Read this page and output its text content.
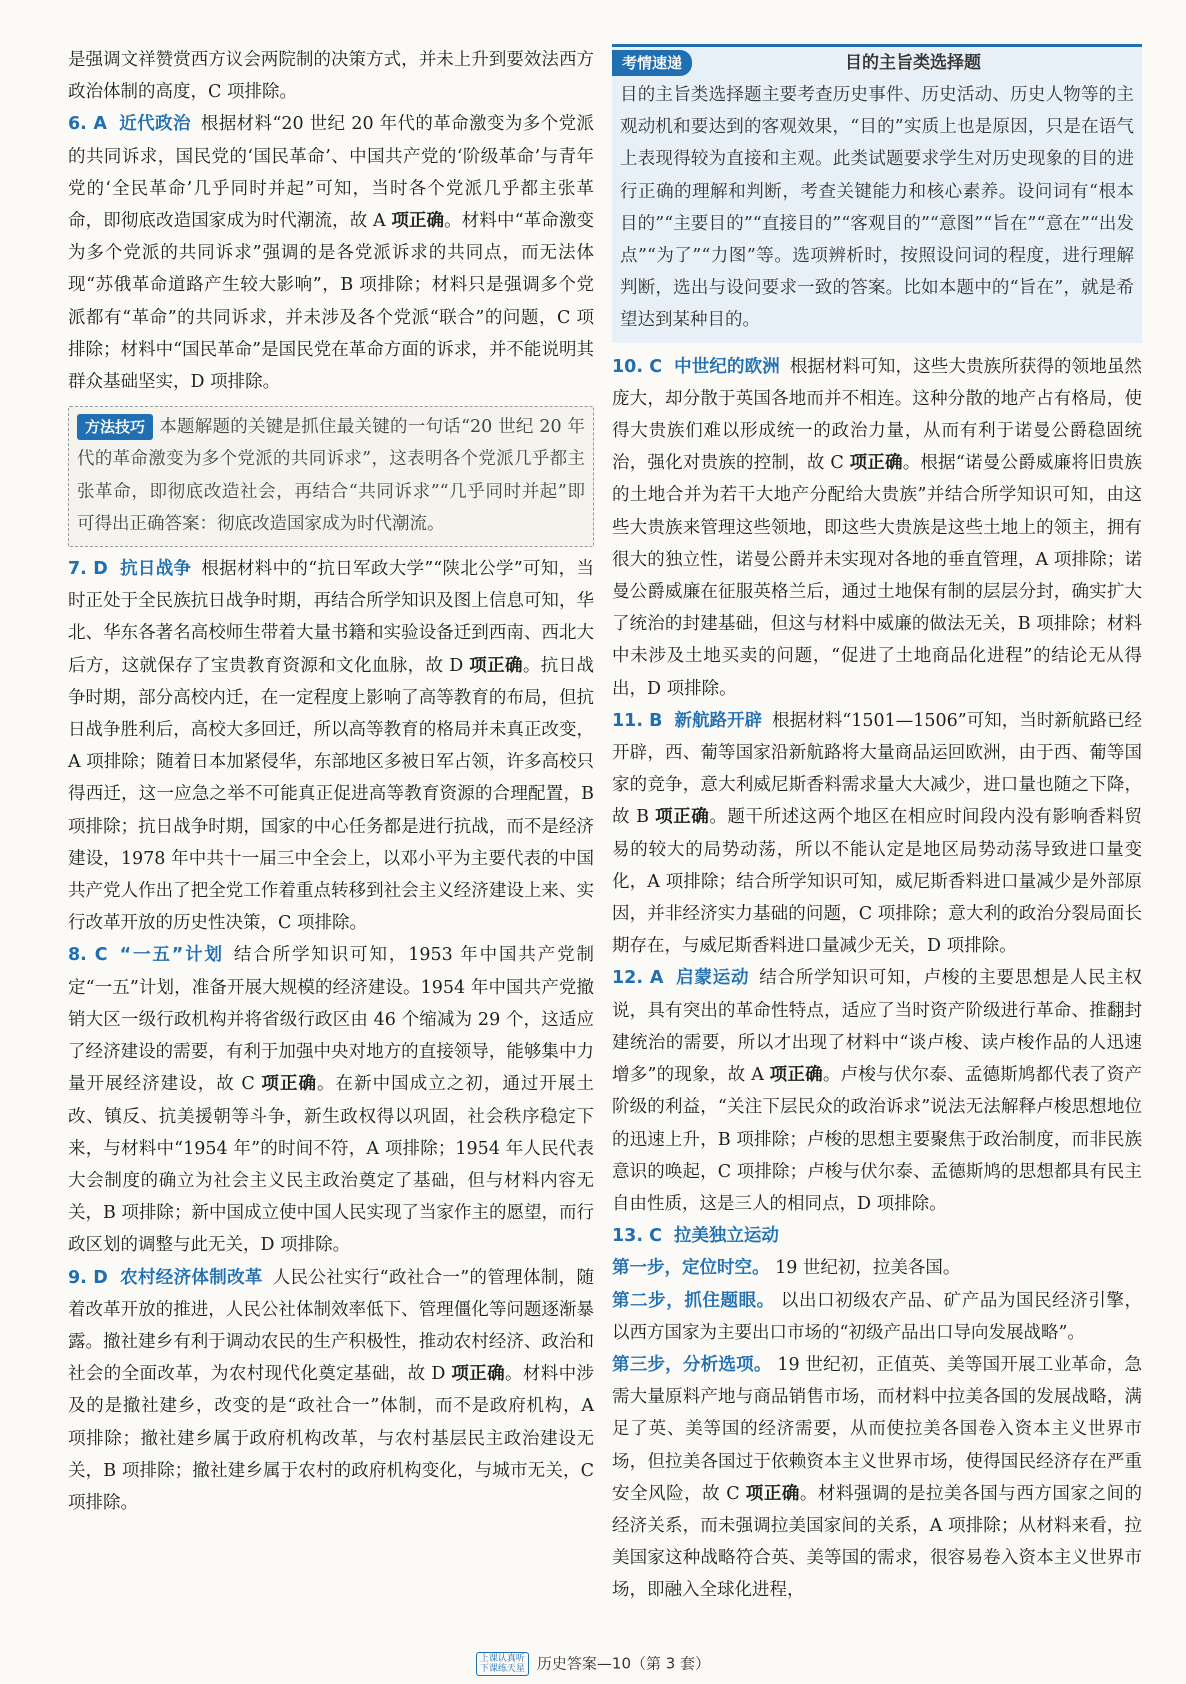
是强调文祥赞赏西方议会两院制的决策方式，并未上升到要效法西方政治体制的高度，C 项排除。

6. A 近代政治 根据材料“20 世纪 20 年代的革命激变为多个党派的共同诉求，国民党的‘国民革命’、中国共产党的‘阶级革命’与青年党的‘全民革命’几乎同时并起”可知，当时各个党派几乎都主张革命，即彻底改造国家成为时代潮流，故 A 项正确。材料中“革命激变为多个党派的共同诉求”强调的是各党派诉求的共同点，而无法体现“苏俄革命道路产生较大影响”，B 项排除；材料只是强调多个党派都有“革命”的共同诉求，并未涉及各个党派“联合”的问题，C 项排除；材料中“国民革命”是国民党在革命方面的诉求，并不能说明其群众基础坚实，D 项排除。

方法技巧 本题解题的关键是抓住最关键的一句话“20 世纪 20 年代的革命激变为多个党派的共同诉求”，这表明各个党派几乎都主张革命，即彻底改造社会，再结合“共同诉求”“几乎同时并起”即可得出正确答案：彻底改造国家成为时代潮流。

7. D 抗日战争 根据材料中的“抗日军政大学”“陕北公学”可知，当时正处于全民族抗日战争时期，再结合所学知识及图上信息可知，华北、华东各著名高校师生带着大量书籍和实验设备迁到西南、西北大后方，这就保存了宝贵教育资源和文化血脉，故 D 项正确。抗日战争时期，部分高校内迁，在一定程度上影响了高等教育的布局，但抗日战争胜利后，高校大多回迁，所以高等教育的格局并未真正改变，A 项排除；随着日本加紧侵华，东部地区多被日军占领，许多高校只得西迁，这一应急之举不可能真正促进高等教育资源的合理配置，B 项排除；抗日战争时期，国家的中心任务都是进行抗战，而不是经济建设，1978 年中共十一届三中全会上，以邓小平为主要代表的中国共产党人作出了把全党工作着重点转移到社会主义经济建设上来、实行改革开放的历史性决策，C 项排除。

8. C “一五”计划 结合所学知识可知，1953 年中国共产党制定“一五”计划，准备开展大规模的经济建设。1954 年中国共产党撤销大区一级行政机构并将省级行政区由 46 个缩减为 29 个，这适应了经济建设的需要，有利于加强中央对地方的直接领导，能够集中力量开展经济建设，故 C 项正确。在新中国成立之初，通过开展土改、镇反、抗美援朝等斗争，新生政权得以巩固，社会秩序稳定下来，与材料中“1954 年”的时间不符，A 项排除；1954 年人民代表大会制度的确立为社会主义民主政治奠定了基础，但与材料内容无关，B 项排除；新中国成立使中国人民实现了当家作主的愿望，而行政区划的调整与此无关，D 项排除。

9. D 农村经济体制改革 人民公社实行“政社合一”的管理体制，随着改革开放的推进，人民公社体制效率低下、管理僵化等问题逐渐暴露。撤社建乡有利于调动农民的生产积极性，推动农村经济、政治和社会的全面改革，为农村现代化奠定基础，故 D 项正确。材料中涉及的是撤社建乡，改变的是“政社合一”体制，而不是政府机构，A 项排除；撤社建乡属于政府机构改革，与农村基层民主政治建设无关，B 项排除；撤社建乡属于农村的政府机构变化，与城市无关，C 项排除。

考情速递	目的主旨类选择题

目的主旨类选择题主要考查历史事件、历史活动、历史人物等的主观动机和要达到的客观效果，“目的”实质上也是原因，只是在语气上表现得较为直接和主观。此类试题要求学生对历史现象的目的进行正确的理解和判断，考查关键能力和核心素养。设问词有“根本目的”“主要目的”“直接目的”“客观目的”“意图”“旨在”“意在”“出发点”“为了”“力图”等。选项辨析时，按照设问词的程度，进行理解判断，选出与设问要求一致的答案。比如本题中的“旨在”，就是希望达到某种目的。

10. C 中世纪的欧洲 根据材料可知，这些大贵族所获得的领地虽然庞大，却分散于英国各地而并不相连。这种分散的地产占有格局，使得大贵族们难以形成统一的政治力量，从而有利于诺曼公爵稳固统治，强化对贵族的控制，故 C 项正确。根据“诺曼公爵威廉将旧贵族的土地合并为若干大地产分配给大贵族”并结合所学知识可知，由这些大贵族来管理这些领地，即这些大贵族是这些土地上的领主，拥有很大的独立性，诺曼公爵并未实现对各地的垂直管理，A 项排除；诺曼公爵威廉在征服英格兰后，通过土地保有制的层层分封，确实扩大了统治的封建基础，但这与材料中威廉的做法无关，B 项排除；材料中未涉及土地买卖的问题，“促进了土地商品化进程”的结论无从得出，D 项排除。

11. B 新航路开辟 根据材料“1501—1506”可知，当时新航路已经开辟，西、葡等国家沿新航路将大量商品运回欧洲，由于西、葡等国家的竞争，意大利威尼斯香料需求量大大减少，进口量也随之下降，故 B 项正确。题干所述这两个地区在相应时间段内没有影响香料贸易的较大的局势动荡，所以不能认定是地区局势动荡导致进口量变化，A 项排除；结合所学知识可知，威尼斯香料进口量减少是外部原因，并非经济实力基础的问题，C 项排除；意大利的政治分裂局面长期存在，与威尼斯香料进口量减少无关，D 项排除。

12. A 启蒙运动 结合所学知识可知，卢梭的主要思想是人民主权说，具有突出的革命性特点，适应了当时资产阶级进行革命、推翻封建统治的需要，所以才出现了材料中“谈卢梭、读卢梭作品的人迅速增多”的现象，故 A 项正确。卢梭与伏尔泰、孟德斯鸠都代表了资产阶级的利益，“关注下层民众的政治诉求”说法无法解释卢梭思想地位的迅速上升，B 项排除；卢梭的思想主要聚焦于政治制度，而非民族意识的唤起，C 项排除；卢梭与伏尔泰、孟德斯鸠的思想都具有民主自由性质，这是三人的相同点，D 项排除。

13. C 拉美独立运动

第一步，定位时空。 19 世纪初，拉美各国。

第二步，抓住题眼。 以出口初级农产品、矿产品为国民经济引擎，以西方国家为主要出口市场的“初级产品出口导向发展战略”。

第三步，分析选项。 19 世纪初，正值英、美等国开展工业革命，急需大量原料产地与商品销售市场，而材料中拉美各国的发展战略，满足了英、美等国的经济需要，从而使拉美各国卷入资本主义世界市场，但拉美各国过于依赖资本主义世界市场，使得国民经济存在严重安全风险，故 C 项正确。材料强调的是拉美各国与西方国家之间的经济关系，而未强调拉美国家间的关系，A 项排除；从材料来看，拉美国家这种战略符合英、美等国的需求，很容易卷入资本主义世界市场，即融入全球化进程，

上课认真听
下课练天星 历史答案—10（第 3 套）
